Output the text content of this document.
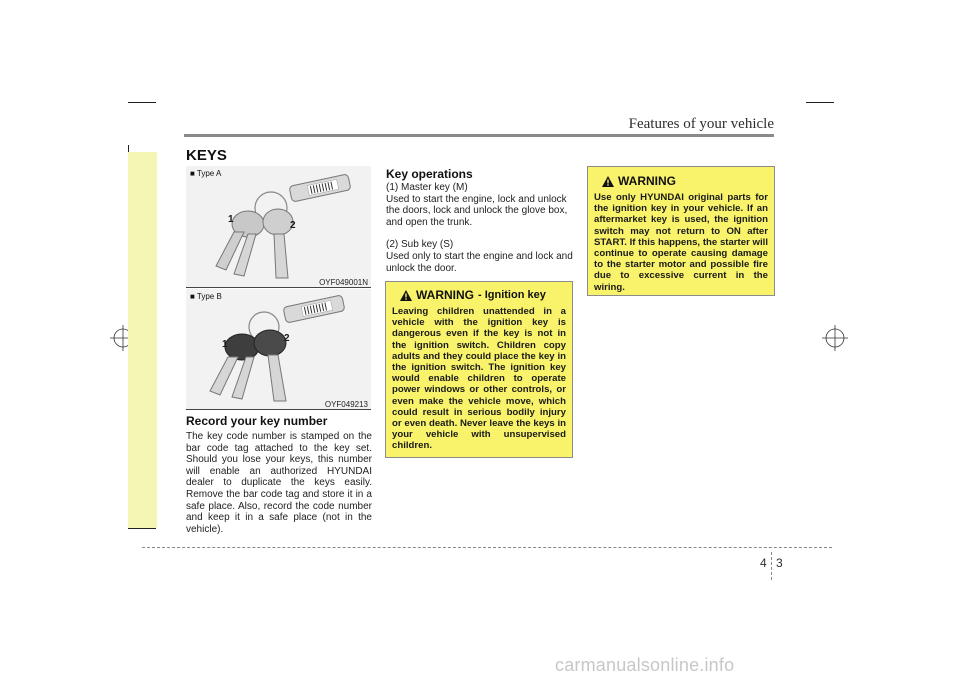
Features of your vehicle
KEYS
■ Type A
1
2
OYF049001N
■ Type B
1
2
OYF049213
Record your key number
The key code number is stamped on the bar code tag attached to the key set. Should you lose your keys, this number will enable an authorized HYUNDAI dealer to duplicate the keys easily. Remove the bar code tag and store it in a safe place. Also, record the code number and keep it in a safe place (not in the vehicle).
Key operations
(1) Master key (M)
Used to start the engine, lock and unlock the doors, lock and unlock the glove box, and open the trunk.
(2) Sub key (S)
Used only to start the engine and lock and unlock the door.
WARNING - Ignition key
Leaving children unattended in a vehicle with the ignition key is dangerous even if the key is not in the ignition switch. Children copy adults and they could place the key in the ignition switch. The ignition key would enable children to operate power windows or other controls, or even make the vehicle move, which could result in serious bodily injury or even death. Never leave the keys in your vehicle with unsupervised children.
WARNING
Use only HYUNDAI original parts for the ignition key in your vehicle. If an aftermarket key is used, the ignition switch may not return to ON after START. If this happens, the starter will continue to operate causing damage to the starter motor and possible fire due to excessive current in the wiring.
4 3
carmanualsonline.info
